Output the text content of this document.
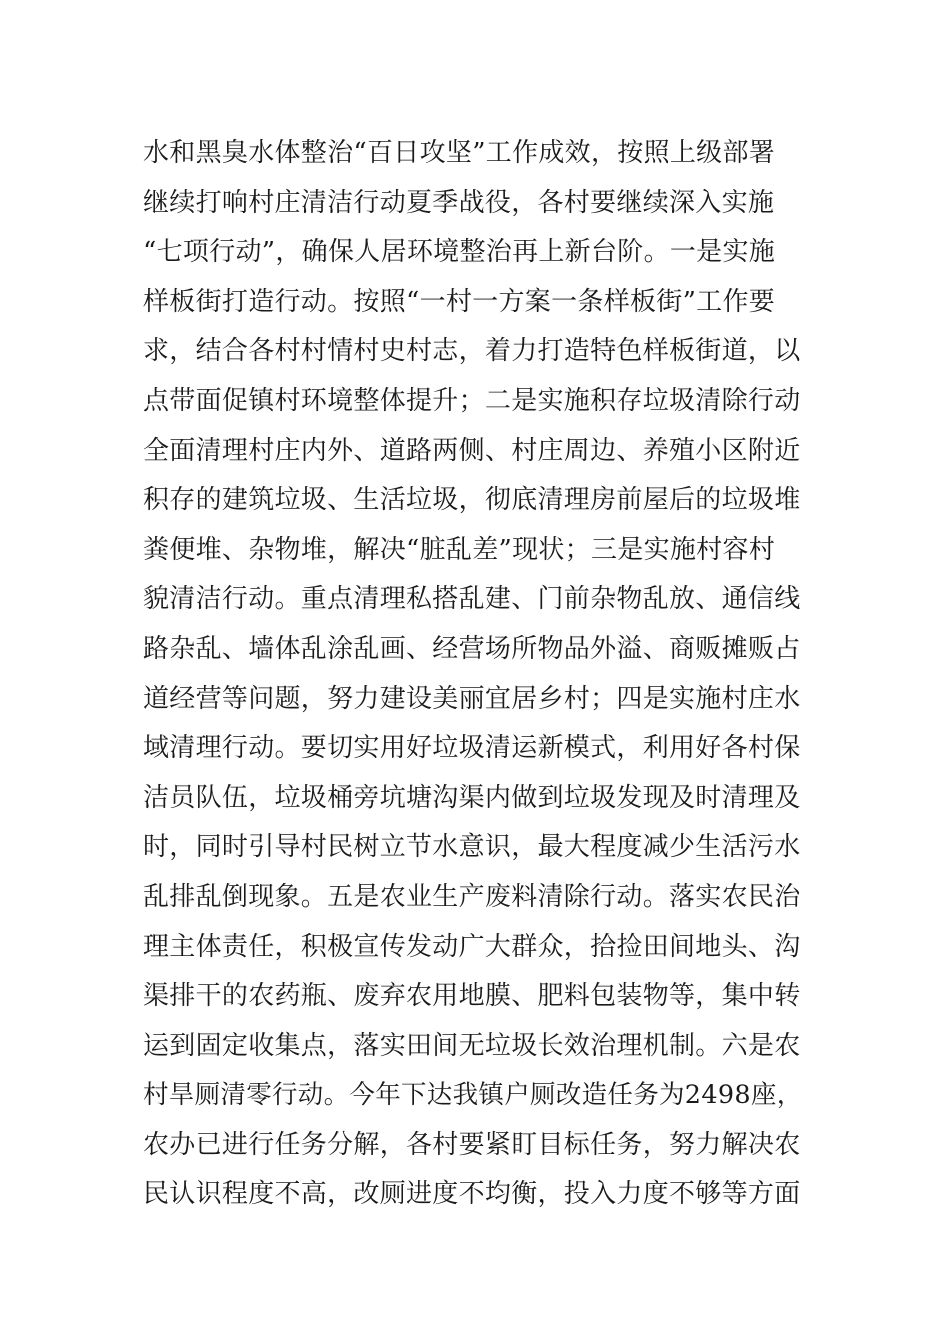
水和黑臭水体整治“百日攻坚”工作成效，按照上级部署
继续打响村庄清洁行动夏季战役，各村要继续深入实施
“七项行动”，确保人居环境整治再上新台阶。一是实施
样板街打造行动。按照“一村一方案一条样板街”工作要
求，结合各村村情村史村志，着力打造特色样板街道，以
点带面促镇村环境整体提升；二是实施积存垃圾清除行动
全面清理村庄内外、道路两侧、村庄周边、养殖小区附近
积存的建筑垃圾、生活垃圾，彻底清理房前屋后的垃圾堆
粪便堆、杂物堆，解决“脏乱差”现状；三是实施村容村
貌清洁行动。重点清理私搭乱建、门前杂物乱放、通信线
路杂乱、墙体乱涂乱画、经营场所物品外溢、商贩摊贩占
道经营等问题，努力建设美丽宜居乡村；四是实施村庄水
域清理行动。要切实用好垃圾清运新模式，利用好各村保
洁员队伍，垃圾桶旁坑塘沟渠内做到垃圾发现及时清理及
时，同时引导村民树立节水意识，最大程度减少生活污水
乱排乱倒现象。五是农业生产废料清除行动。落实农民治
理主体责任，积极宣传发动广大群众，拾捡田间地头、沟
渠排干的农药瓶、废弃农用地膜、肥料包装物等，集中转
运到固定收集点，落实田间无垃圾长效治理机制。六是农
村旱厕清零行动。今年下达我镇户厕改造任务为2498座，
农办已进行任务分解，各村要紧盯目标任务，努力解决农
民认识程度不高，改厕进度不均衡，投入力度不够等方面
